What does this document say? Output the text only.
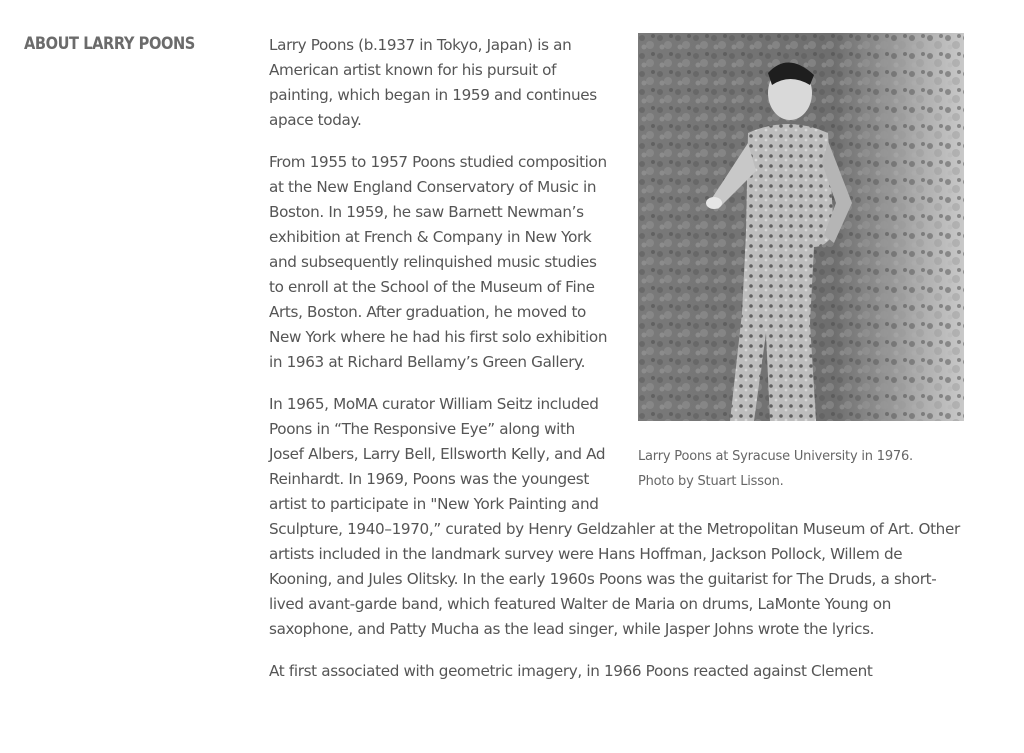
ABOUT LARRY POONS
Larry Poons at Syracuse University in 1976.
Photo by Stuart Lisson.

Larry Poons (b.1937 in Tokyo, Japan) is an American artist known for his pursuit of painting, which began in 1959 and continues apace today.

From 1955 to 1957 Poons studied composition at the New England Conservatory of Music in Boston. In 1959, he saw Barnett Newman’s exhibition at French & Company in New York and subsequently relinquished music studies to enroll at the School of the Museum of Fine Arts, Boston. After graduation, he moved to New York where he had his first solo exhibition in 1963 at Richard Bellamy’s Green Gallery.

In 1965, MoMA curator William Seitz included Poons in “The Responsive Eye” along with Josef Albers, Larry Bell, Ellsworth Kelly, and Ad Reinhardt. In 1969, Poons was the youngest artist to participate in "New York Painting and Sculpture, 1940–1970,” curated by Henry Geldzahler at the Metropolitan Museum of Art. Other artists included in the landmark survey were Hans Hoffman, Jackson Pollock, Willem de Kooning, and Jules Olitsky. In the early 1960s Poons was the guitarist for The Druds, a short-lived avant-garde band, which featured Walter de Maria on drums, LaMonte Young on saxophone, and Patty Mucha as the lead singer, while Jasper Johns wrote the lyrics.

At first associated with geometric imagery, in 1966 Poons reacted against Clement
